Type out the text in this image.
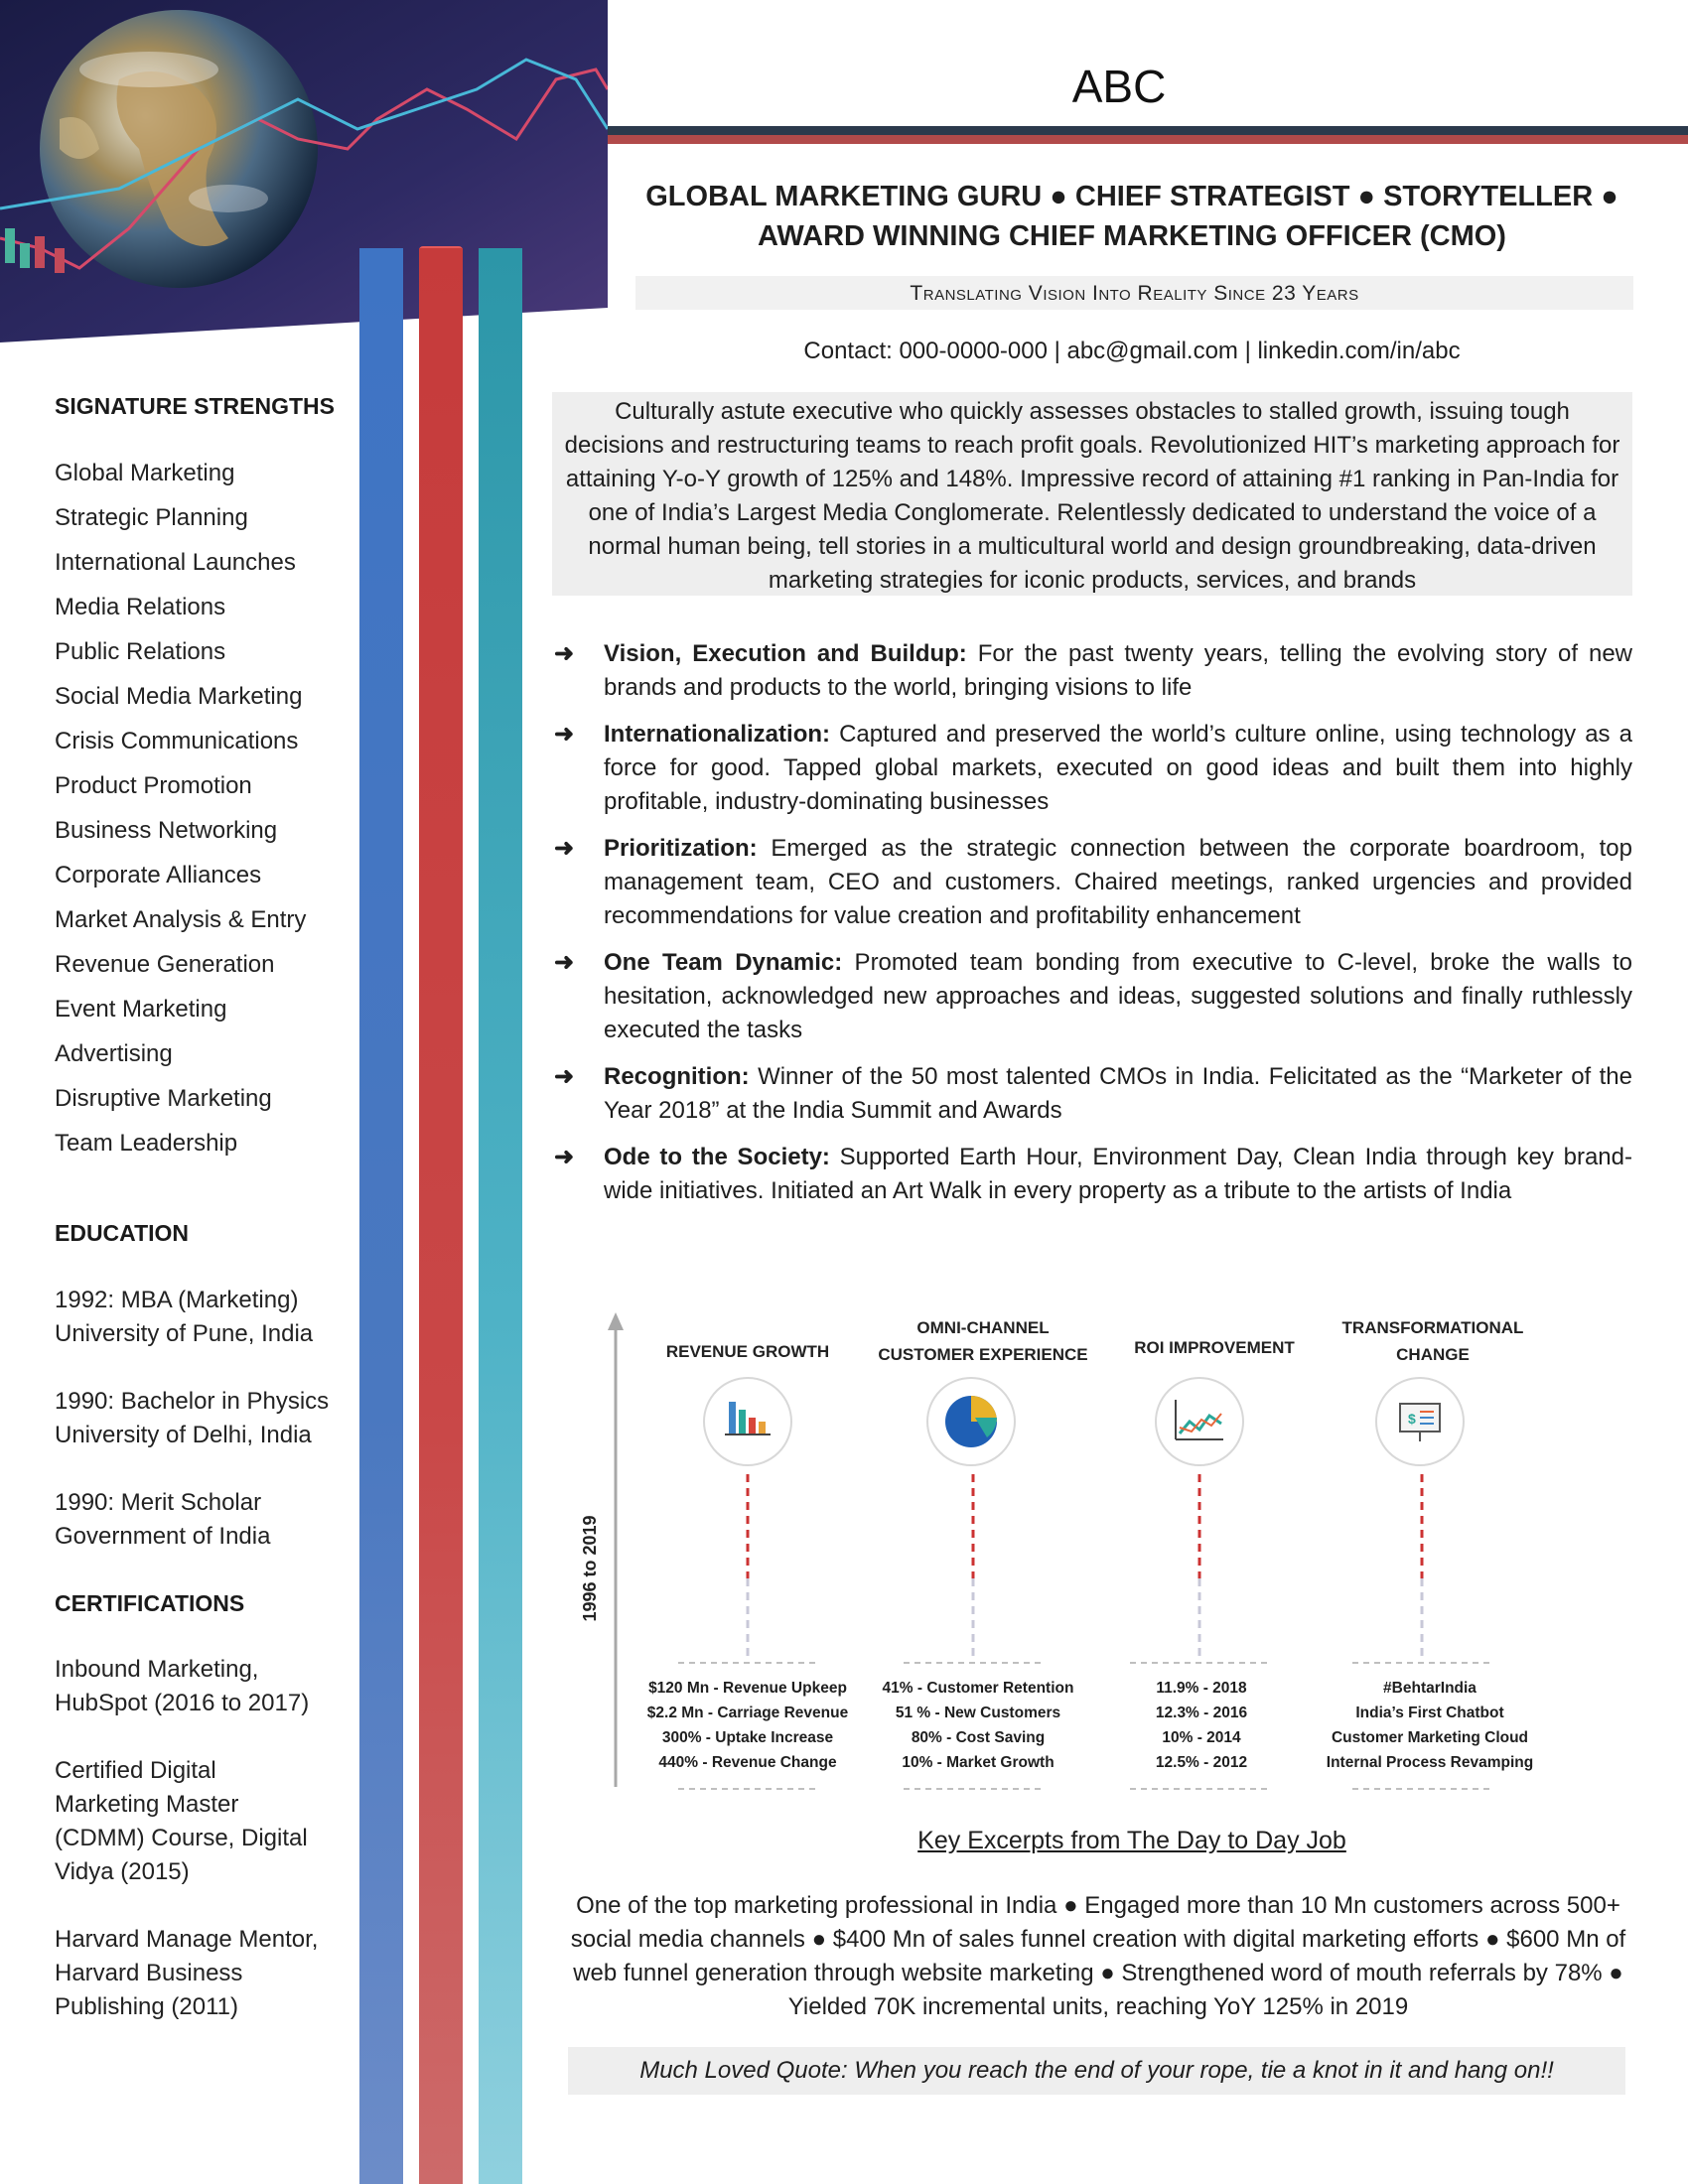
ABC
GLOBAL MARKETING GURU ● CHIEF STRATEGIST ● STORYTELLER ●
AWARD WINNING CHIEF MARKETING OFFICER (CMO)
Translating Vision Into Reality Since 23 Years
Contact: 000-0000-000 | abc@gmail.com | linkedin.com/in/abc
Culturally astute executive who quickly assesses obstacles to stalled growth, issuing tough decisions and restructuring teams to reach profit goals. Revolutionized HIT’s marketing approach for attaining Y-o-Y growth of 125% and 148%. Impressive record of attaining #1 ranking in Pan-India for one of India’s Largest Media Conglomerate. Relentlessly dedicated to understand the voice of a normal human being, tell stories in a multicultural world and design groundbreaking, data-driven marketing strategies for iconic products, services, and brands
SIGNATURE STRENGTHS
Global Marketing
Strategic Planning
International Launches
Media Relations
Public Relations
Social Media Marketing
Crisis Communications
Product Promotion
Business Networking
Corporate Alliances
Market Analysis & Entry
Revenue Generation
Event Marketing
Advertising
Disruptive Marketing
Team Leadership
EDUCATION
1992: MBA (Marketing)
University of Pune, India
1990: Bachelor in Physics
University of Delhi, India
1990: Merit Scholar
Government of India
CERTIFICATIONS
Inbound Marketing,
HubSpot (2016 to 2017)
Certified Digital
Marketing Master
(CDMM) Course, Digital
Vidya (2015)
Harvard Manage Mentor,
Harvard Business
Publishing (2011)
➜ Vision, Execution and Buildup: For the past twenty years, telling the evolving story of new brands and products to the world, bringing visions to life
➜ Internationalization: Captured and preserved the world’s culture online, using technology as a force for good. Tapped global markets, executed on good ideas and built them into highly profitable, industry-dominating businesses
➜ Prioritization: Emerged as the strategic connection between the corporate boardroom, top management team, CEO and customers. Chaired meetings, ranked urgencies and provided recommendations for value creation and profitability enhancement
➜ One Team Dynamic: Promoted team bonding from executive to C-level, broke the walls to hesitation, acknowledged new approaches and ideas, suggested solutions and finally ruthlessly executed the tasks
➜ Recognition: Winner of the 50 most talented CMOs in India. Felicitated as the “Marketer of the Year 2018” at the India Summit and Awards
➜ Ode to the Society: Supported Earth Hour, Environment Day, Clean India through key brand-wide initiatives. Initiated an Art Walk in every property as a tribute to the artists of India
1996 to 2019
REVENUE GROWTH
$120 Mn - Revenue Upkeep
$2.2 Mn - Carriage Revenue
300% - Uptake Increase
440% - Revenue Change
OMNI-CHANNEL
CUSTOMER EXPERIENCE
41% - Customer Retention
51 % - New Customers
80% - Cost Saving
10% - Market Growth
ROI IMPROVEMENT
11.9% - 2018
12.3% - 2016
10% - 2014
12.5% - 2012
TRANSFORMATIONAL
CHANGE
$
#BehtarIndia
India’s First Chatbot
Customer Marketing Cloud
Internal Process Revamping
Key Excerpts from The Day to Day Job
One of the top marketing professional in India ● Engaged more than 10 Mn customers across 500+ social media channels ● $400 Mn of sales funnel creation with digital marketing efforts ● $600 Mn of web funnel generation through website marketing ● Strengthened word of mouth referrals by 78% ● Yielded 70K incremental units, reaching YoY 125% in 2019
Much Loved Quote: When you reach the end of your rope, tie a knot in it and hang on!!
